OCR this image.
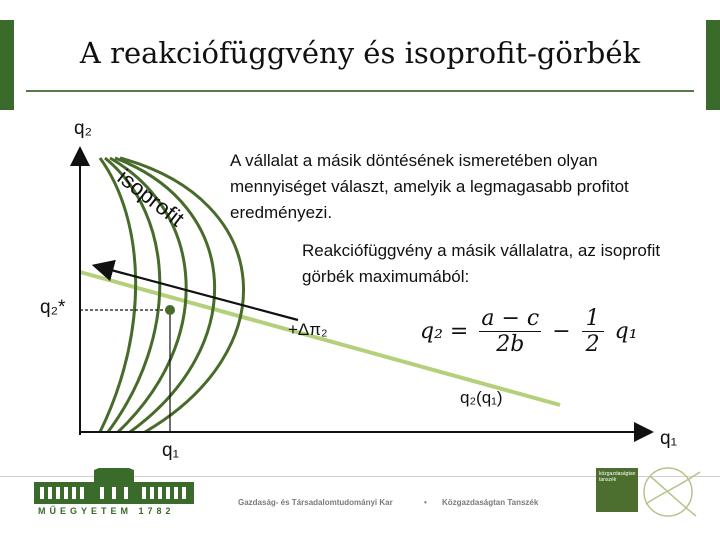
A reakciófüggvény és isoprofit-görbék
isoprofit
q₂
q₂*
q₁
q₁
q₂(q₁)
+Δπ₂
A vállalat a másik döntésének ismeretében olyan mennyiséget választ, amelyik a legmagasabb profitot eredményezi.
Reakciófüggvény a másik vállalatra, az isoprofit görbék maximumából:
$q_2 = \frac{a - c}{2b} - \frac{1}{2} q_1$
MŰEGYETEM 1782
Gazdaság- és Társadalomtudományi Kar	• Közgazdaságtan Tanszék
közgazdaságtan tanszék
